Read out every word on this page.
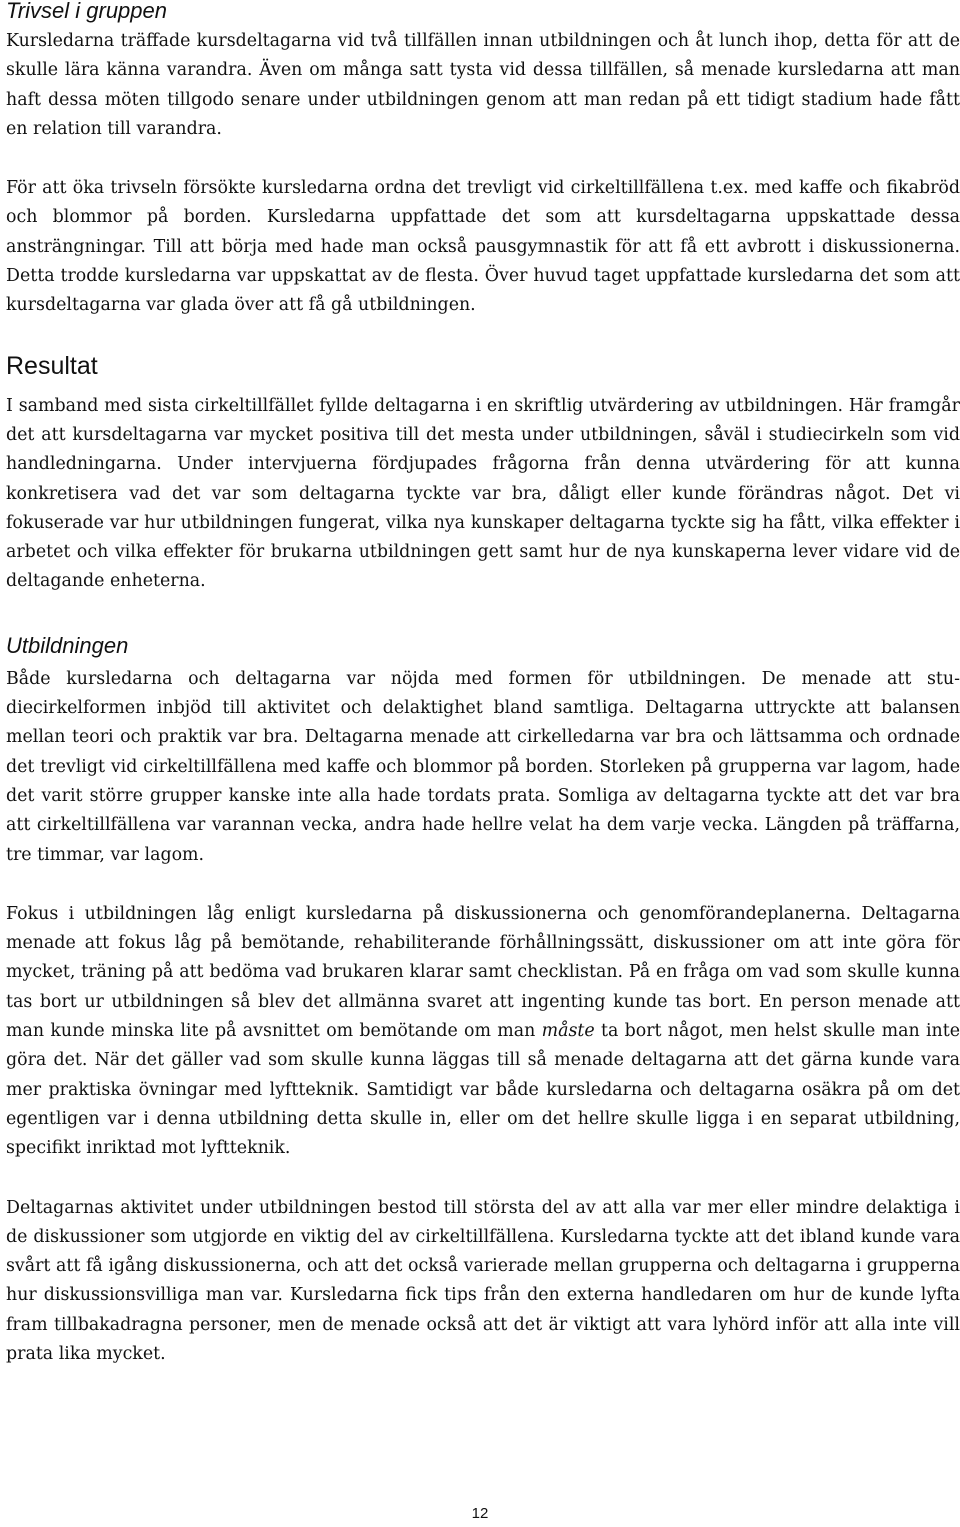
Trivsel i gruppen

Kursledarna träffade kursdeltagarna vid två tillfällen innan utbildningen och åt lunch ihop, detta för att de skulle lära känna varandra. Även om många satt tysta vid dessa tillfällen, så menade kursledarna att man haft dessa möten tillgodo senare under utbildningen genom att man redan på ett tidigt stadium hade fått en relation till varandra.

För att öka trivseln försökte kursledarna ordna det trevligt vid cirkeltillfällena t.ex. med kaffe och fikabröd och blommor på borden. Kursledarna uppfattade det som att kursdeltagarna uppskattade dessa ansträngningar. Till att börja med hade man också pausgymnastik för att få ett avbrott i diskussionerna. Detta trodde kursledarna var uppskattat av de flesta. Över huvud taget uppfattade kursledarna det som att kursdeltagarna var glada över att få gå utbildningen.

Resultat

I samband med sista cirkeltillfället fyllde deltagarna i en skriftlig utvärdering av utbildningen. Här framgår det att kursdeltagarna var mycket positiva till det mesta under utbildningen, såväl i studiecirkeln som vid handledningarna. Under intervjuerna fördjupades frågorna från denna utvärdering för att kunna konkretisera vad det var som deltagarna tyckte var bra, dåligt eller kunde förändras något. Det vi fokuserade var hur utbildningen fungerat, vilka nya kunskaper deltagarna tyckte sig ha fått, vilka effekter i arbetet och vilka effekter för brukarna utbildningen gett samt hur de nya kunskaperna lever vidare vid de deltagande enheterna.

Utbildningen

Både kursledarna och deltagarna var nöjda med formen för utbildningen. De menade att studiecirkelformen inbjöd till aktivitet och delaktighet bland samtliga. Deltagarna uttryckte att balansen mellan teori och praktik var bra. Deltagarna menade att cirkelledarna var bra och lättsamma och ordnade det trevligt vid cirkeltillfällena med kaffe och blommor på borden. Storleken på grupperna var lagom, hade det varit större grupper kanske inte alla hade tordats prata. Somliga av deltagarna tyckte att det var bra att cirkeltillfällena var varannan vecka, andra hade hellre velat ha dem varje vecka. Längden på träffarna, tre timmar, var lagom.

Fokus i utbildningen låg enligt kursledarna på diskussionerna och genomförandeplanerna. Deltagarna menade att fokus låg på bemötande, rehabiliterande förhållningssätt, diskussioner om att inte göra för mycket, träning på att bedöma vad brukaren klarar samt checklistan. På en fråga om vad som skulle kunna tas bort ur utbildningen så blev det allmänna svaret att ingenting kunde tas bort. En person menade att man kunde minska lite på avsnittet om bemötande om man måste ta bort något, men helst skulle man inte göra det. När det gäller vad som skulle kunna läggas till så menade deltagarna att det gärna kunde vara mer praktiska övningar med lyftteknik. Samtidigt var både kursledarna och deltagarna osäkra på om det egentligen var i denna utbildning detta skulle in, eller om det hellre skulle ligga i en separat utbildning, specifikt inriktad mot lyftteknik.

Deltagarnas aktivitet under utbildningen bestod till största del av att alla var mer eller mindre delaktiga i de diskussioner som utgjorde en viktig del av cirkeltillfällena. Kursledarna tyckte att det ibland kunde vara svårt att få igång diskussionerna, och att det också varierade mellan grupperna och deltagarna i grupperna hur diskussionsvilliga man var. Kursledarna fick tips från den externa handledaren om hur de kunde lyfta fram tillbakadragna personer, men de menade också att det är viktigt att vara lyhörd inför att alla inte vill prata lika mycket.

12
